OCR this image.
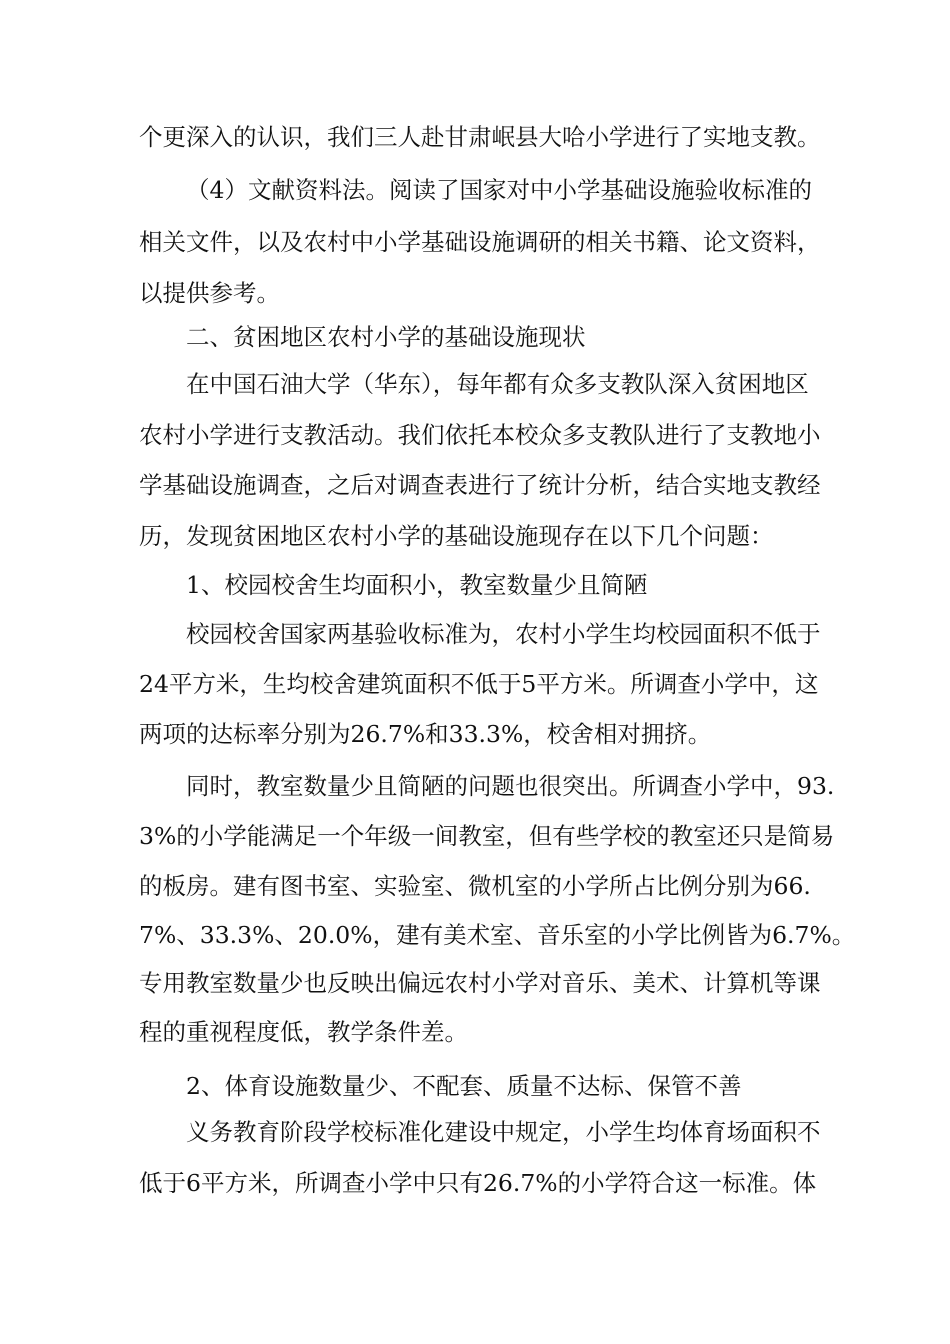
个更深入的认识，我们三人赴甘肃岷县大哈小学进行了实地支教。
（4）文献资料法。阅读了国家对中小学基础设施验收标准的
相关文件，以及农村中小学基础设施调研的相关书籍、论文资料，
以提供参考。
二、贫困地区农村小学的基础设施现状
在中国石油大学（华东），每年都有众多支教队深入贫困地区
农村小学进行支教活动。我们依托本校众多支教队进行了支教地小
学基础设施调查，之后对调查表进行了统计分析，结合实地支教经
历，发现贫困地区农村小学的基础设施现存在以下几个问题：
1、校园校舍生均面积小，教室数量少且简陋
校园校舍国家两基验收标准为，农村小学生均校园面积不低于
24平方米，生均校舍建筑面积不低于5平方米。所调查小学中，这
两项的达标率分别为26.7%和33.3%，校舍相对拥挤。
同时，教室数量少且简陋的问题也很突出。所调查小学中，93.
3%的小学能满足一个年级一间教室，但有些学校的教室还只是简易
的板房。建有图书室、实验室、微机室的小学所占比例分别为66.
7%、33.3%、20.0%，建有美术室、音乐室的小学比例皆为6.7%。
专用教室数量少也反映出偏远农村小学对音乐、美术、计算机等课
程的重视程度低，教学条件差。
2、体育设施数量少、不配套、质量不达标、保管不善
义务教育阶段学校标准化建设中规定，小学生均体育场面积不
低于6平方米，所调查小学中只有26.7%的小学符合这一标准。体
